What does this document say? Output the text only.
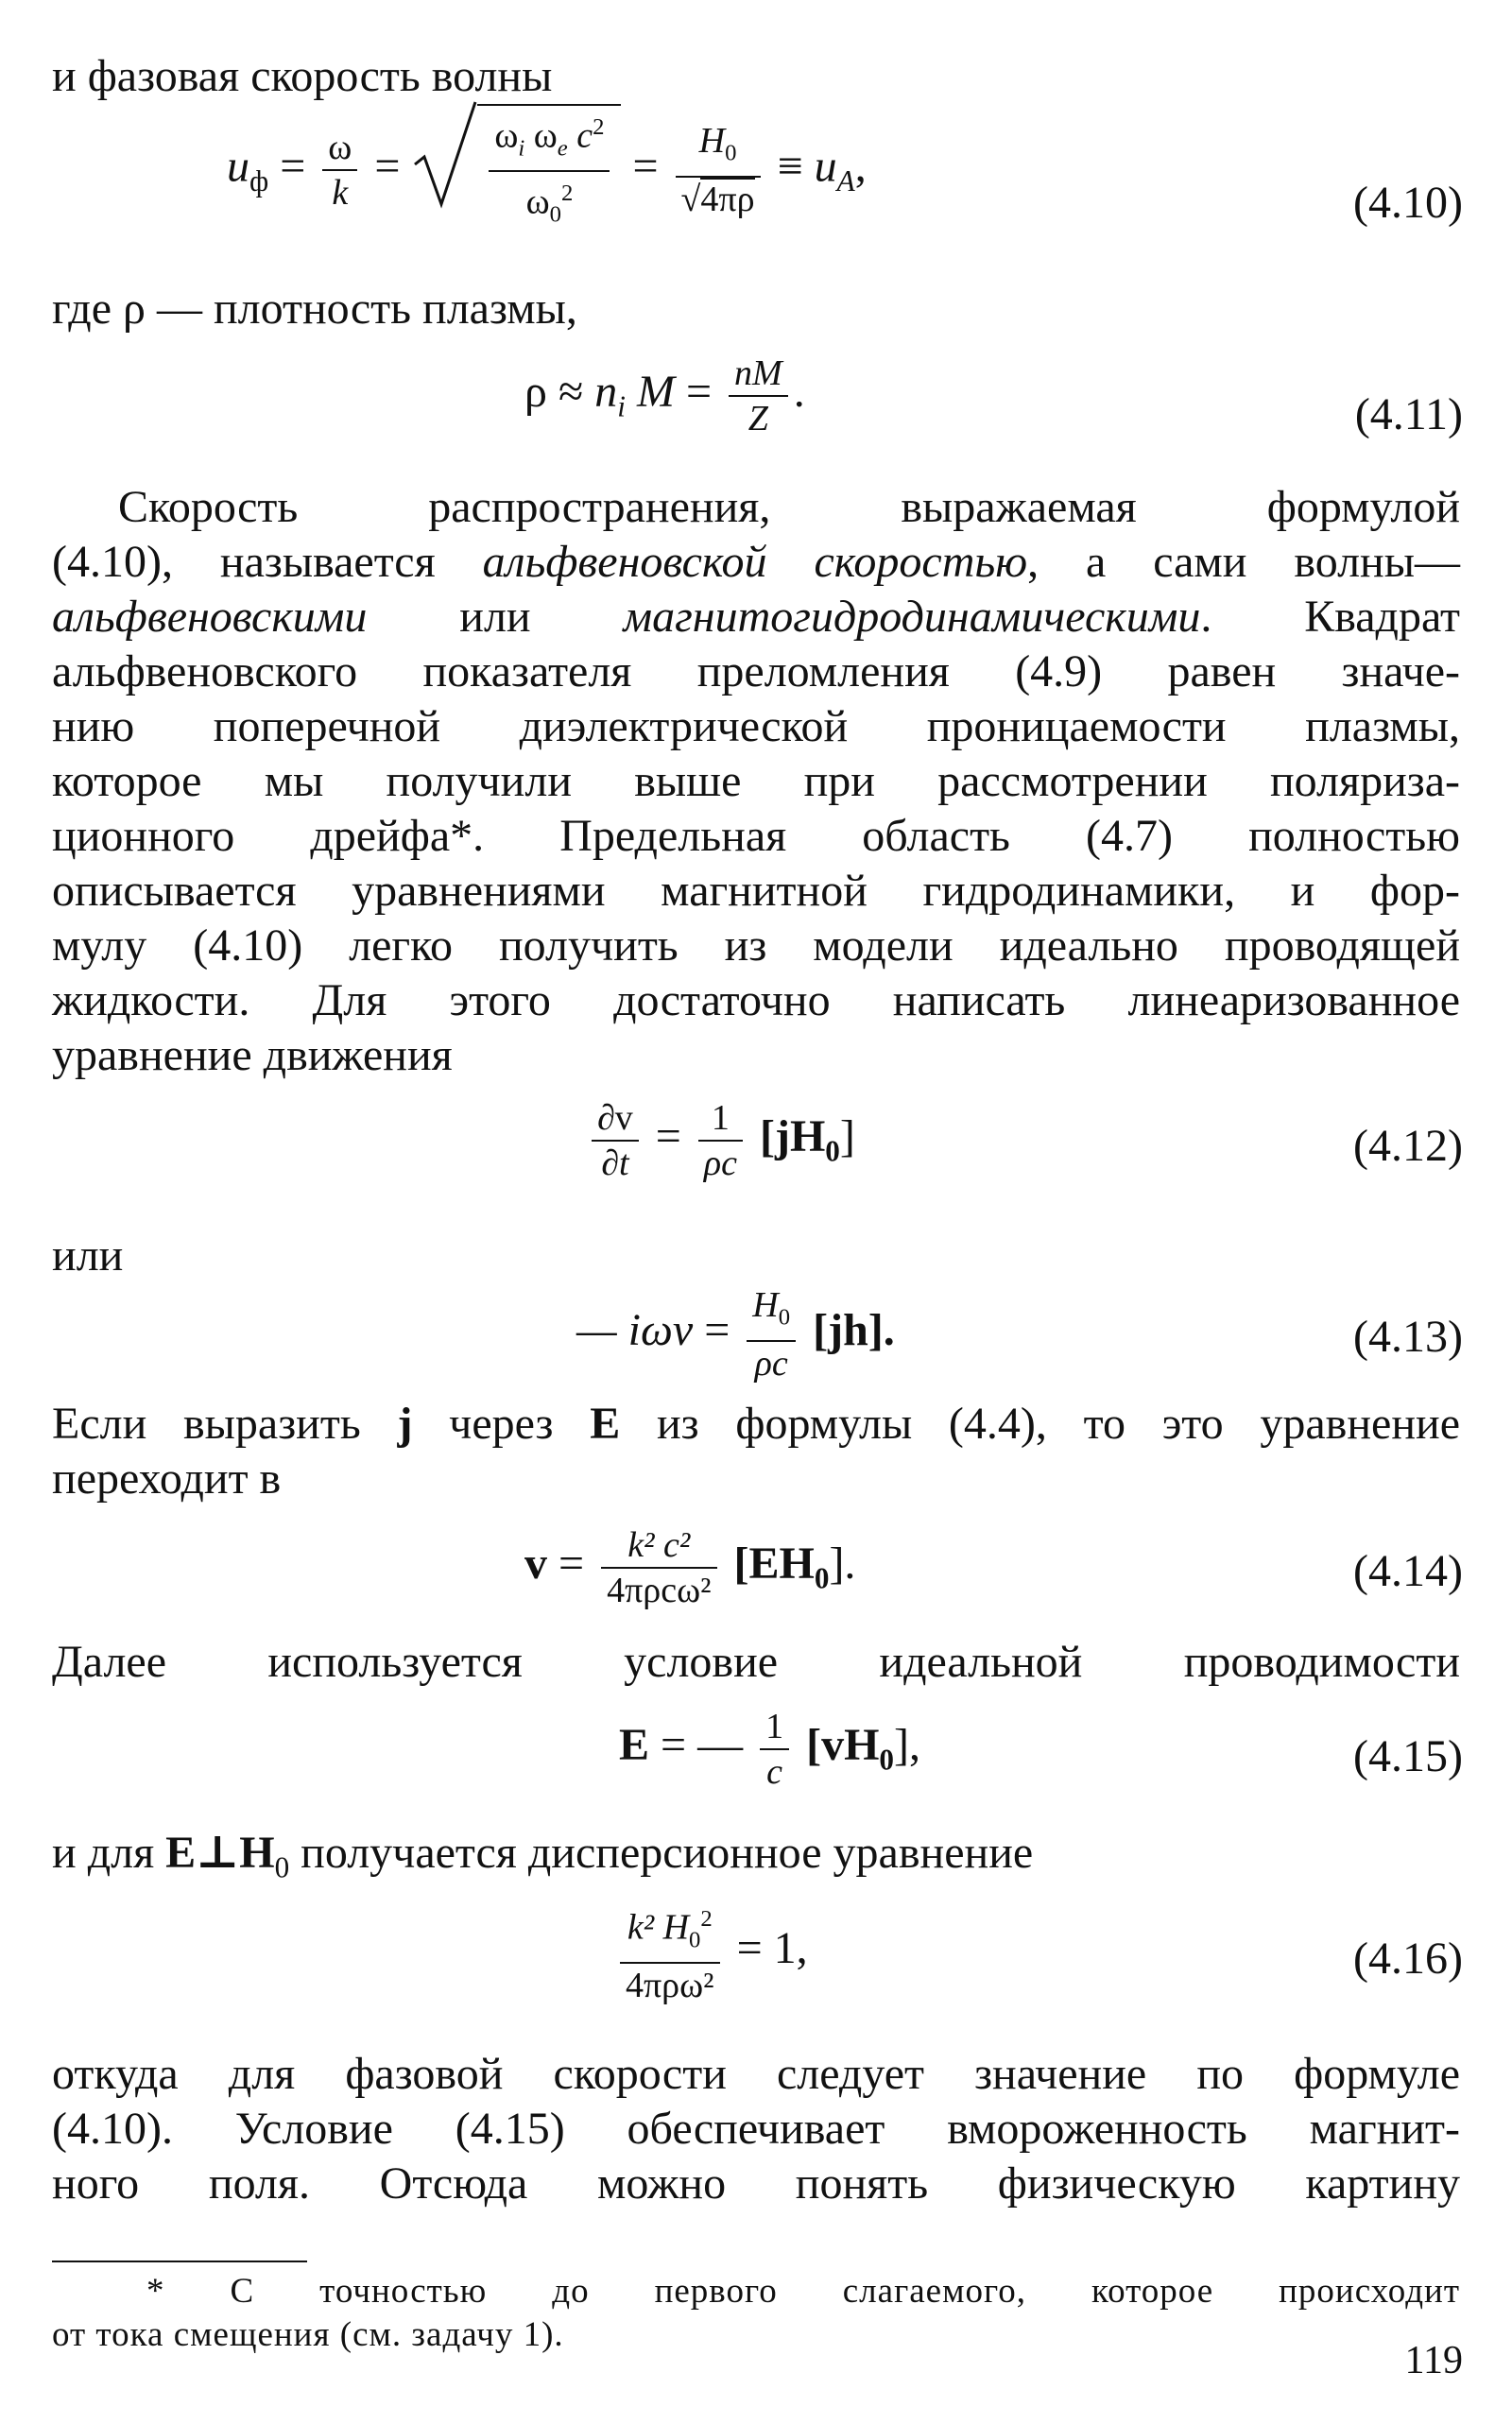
и фазовая скорость волны
$u_ф = \frac{\omega}{k} = \frac{\omega_i \omega_e c^2}{\omega_0^2} = \frac{H_0}{√4\pi\rho} \equiv u_A$,
(4.10)
где ρ — плотность плазмы,
$\rho \approx n_i$ $M = \frac{nM}{Z}$ .	(4.11)
Скорость распространения, выражаемая формулой
(4.10), называется альфвеновской скоростью, а сами волны—
альфвеновскими или магнитогидродинамическими. Квадрат
альфвеновского показателя преломления (4.9) равен значе-
нию поперечной диэлектрической проницаемости плазмы,
которое мы получили выше при рассмотрении поляриза-
ционного дрейфа*. Предельная область (4.7) полностью
описывается уравнениями магнитной гидродинамики, и фор-
мулу (4.10) легко получить из модели идеально проводящей
жидкости. Для этого достаточно написать линеаризованное
уравнение движения
$\frac{\partial v}{\partial t} = \frac{1}{\rho c} [jH_0]$	(4.12)
или
— $i\omega v = \frac{H_0}{\rho c} [jh]$.	(4.13)
Если выразить j через E из формулы (4.4), то это уравнение
переходит в
$v = \frac{\text{k² c²}}{\text{4πρcω²}} [EH_0]$.	(4.14)
Далее используется условие идеальной проводимости
E = — $\frac{1}{c} [vH_0]$,	(4.15)
и для $E\perp H_0$ получается дисперсионное уравнение
$\frac{k^2 H_0^2}{\text{4πρω²}} = 1$,	(4.16)
откуда для фазовой скорости следует значение по формуле
(4.10). Условие (4.15) обеспечивает вмороженность магнит-
ного поля. Отсюда можно понять физическую картину
* С точностью до первого слагаемого, которое происходит
от тока смещения (см. задачу 1).
119
